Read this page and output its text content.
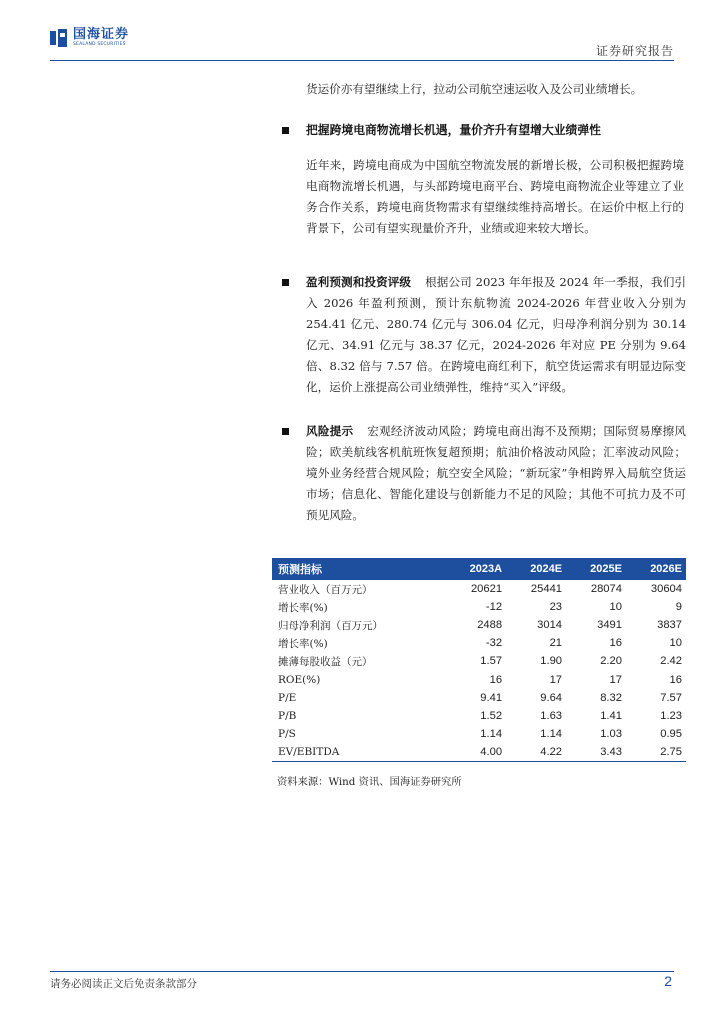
国海证券
SEALAND SECURITIES	证券研究报告
货运价亦有望继续上行，拉动公司航空速运收入及公司业绩增长。
把握跨境电商物流增长机遇，量价齐升有望增大业绩弹性
近年来，跨境电商成为中国航空物流发展的新增长极，公司积极把握跨境电商物流增长机遇，与头部跨境电商平台、跨境电商物流企业等建立了业务合作关系，跨境电商货物需求有望继续维持高增长。在运价中枢上行的背景下，公司有望实现量价齐升，业绩或迎来较大增长。
盈利预测和投资评级 根据公司 2023 年年报及 2024 年一季报，我们引入 2026 年盈利预测，预计东航物流 2024-2026 年营业收入分别为 254.41 亿元、280.74 亿元与 306.04 亿元，归母净利润分别为 30.14 亿元、34.91 亿元与 38.37 亿元，2024-2026 年对应 PE 分别为 9.64 倍、8.32 倍与 7.57 倍。在跨境电商红利下，航空货运需求有明显边际变化，运价上涨提高公司业绩弹性，维持“买入”评级。
风险提示 宏观经济波动风险；跨境电商出海不及预期；国际贸易摩擦风险；欧美航线客机航班恢复超预期；航油价格波动风险；汇率波动风险；境外业务经营合规风险；航空安全风险；“新玩家”争相跨界入局航空货运市场；信息化、智能化建设与创新能力不足的风险；其他不可抗力及不可预见风险。
预测指标	2023A	2024E	2025E	2026E
营业收入（百万元）	20621	25441	28074	30604
增长率(%)	-12	23	10	9
归母净利润（百万元）	2488	3014	3491	3837
增长率(%)	-32	21	16	10
摊薄每股收益（元）	1.57	1.90	2.20	2.42
ROE(%)	16	17	17	16
P/E	9.41	9.64	8.32	7.57
P/B	1.52	1.63	1.41	1.23
P/S	1.14	1.14	1.03	0.95
EV/EBITDA	4.00	4.22	3.43	2.75
资料来源：Wind 资讯、国海证券研究所
请务必阅读正文后免责条款部分	2
